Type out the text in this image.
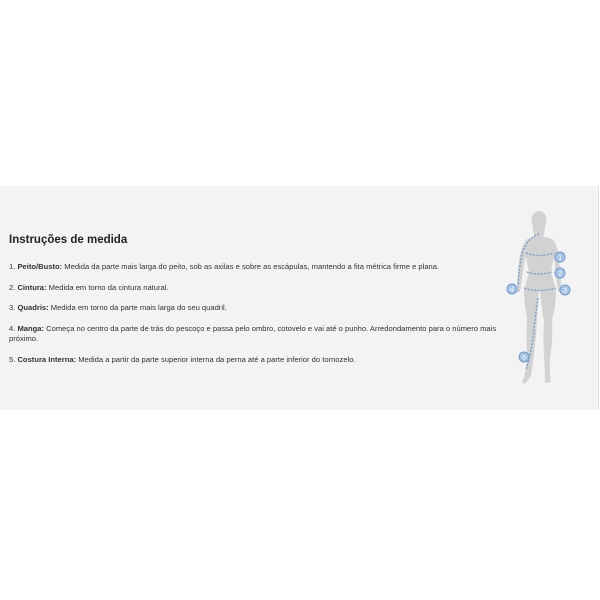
Instruções de medida
1. Peito/Busto: Medida da parte mais larga do peito, sob as axilas e sobre as escápulas, mantendo a fita métrica firme e plana.
2. Cintura: Medida em torno da cintura natural.
3. Quadris: Medida em torno da parte mais larga do seu quadril.
4. Manga: Começa no centro da parte de trás do pescoço e passa pelo ombro, cotovelo e vai até o punho. Arredondamento para o número mais próximo.
5. Costura Interna: Medida a partir da parte superior interna da perna até a parte inferior do tornozelo.
1
2
3
4
5
